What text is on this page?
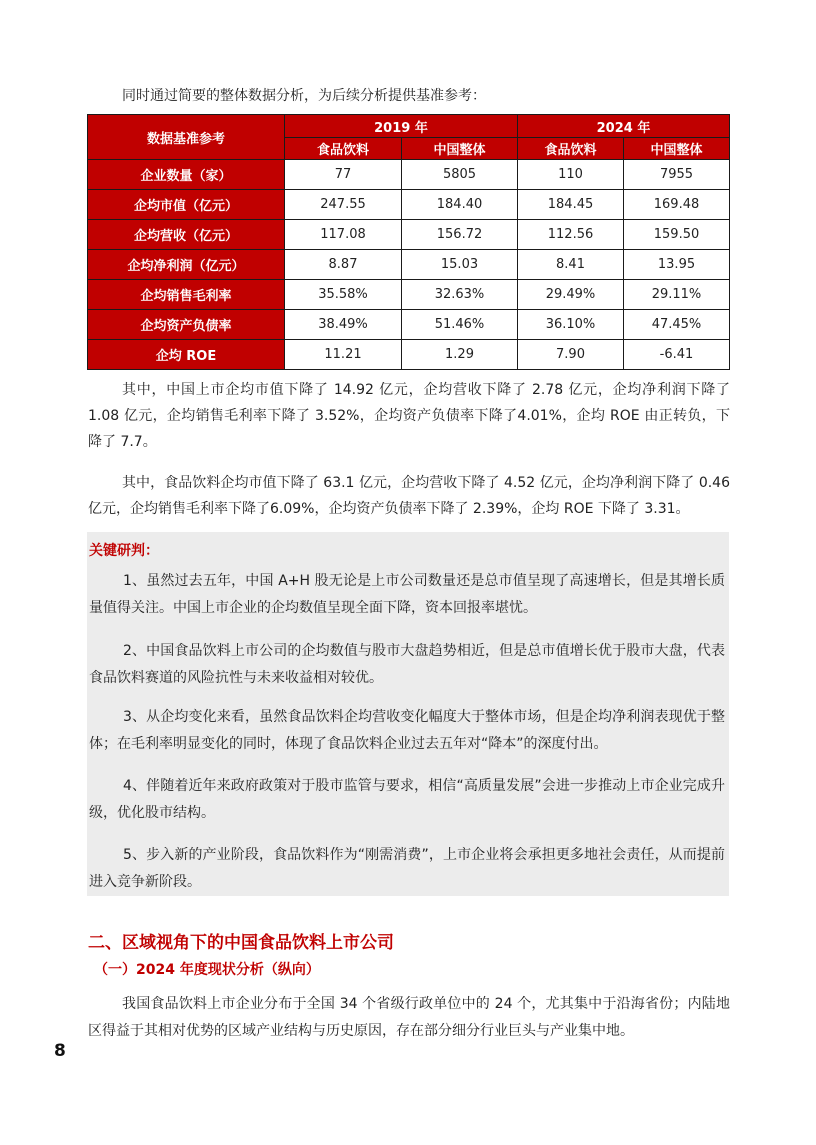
同时通过简要的整体数据分析，为后续分析提供基准参考：
数据基准参考	2019 年		2024 年	
	食品饮料	中国整体	食品饮料	中国整体
企业数量（家）	77	5805	110	7955
企均市值（亿元）	247.55	184.40	184.45	169.48
企均营收（亿元）	117.08	156.72	112.56	159.50
企均净利润（亿元）	8.87	15.03	8.41	13.95
企均销售毛利率	35.58%	32.63%	29.49%	29.11%
企均资产负债率	38.49%	51.46%	36.10%	47.45%
企均 ROE	11.21	1.29	7.90	-6.41
其中，中国上市企均市值下降了 14.92 亿元，企均营收下降了 2.78 亿元，企均净利润下降了 1.08 亿元，企均销售毛利率下降了 3.52%，企均资产负债率下降了4.01%，企均 ROE 由正转负，下降了 7.7。
其中，食品饮料企均市值下降了 63.1 亿元，企均营收下降了 4.52 亿元，企均净利润下降了 0.46 亿元，企均销售毛利率下降了6.09%，企均资产负债率下降了 2.39%，企均 ROE 下降了 3.31。
关键研判：
1、虽然过去五年，中国 A+H 股无论是上市公司数量还是总市值呈现了高速增长，但是其增长质量值得关注。中国上市企业的企均数值呈现全面下降，资本回报率堪忧。
2、中国食品饮料上市公司的企均数值与股市大盘趋势相近，但是总市值增长优于股市大盘，代表食品饮料赛道的风险抗性与未来收益相对较优。
3、从企均变化来看，虽然食品饮料企均营收变化幅度大于整体市场，但是企均净利润表现优于整体；在毛利率明显变化的同时，体现了食品饮料企业过去五年对“降本”的深度付出。
4、伴随着近年来政府政策对于股市监管与要求，相信“高质量发展”会进一步推动上市企业完成升级，优化股市结构。
5、步入新的产业阶段，食品饮料作为“刚需消费”，上市企业将会承担更多地社会责任，从而提前进入竞争新阶段。
二、区域视角下的中国食品饮料上市公司
（一）2024 年度现状分析（纵向）
我国食品饮料上市企业分布于全国 34 个省级行政单位中的 24 个，尤其集中于沿海省份；内陆地区得益于其相对优势的区域产业结构与历史原因，存在部分细分行业巨头与产业集中地。
8
